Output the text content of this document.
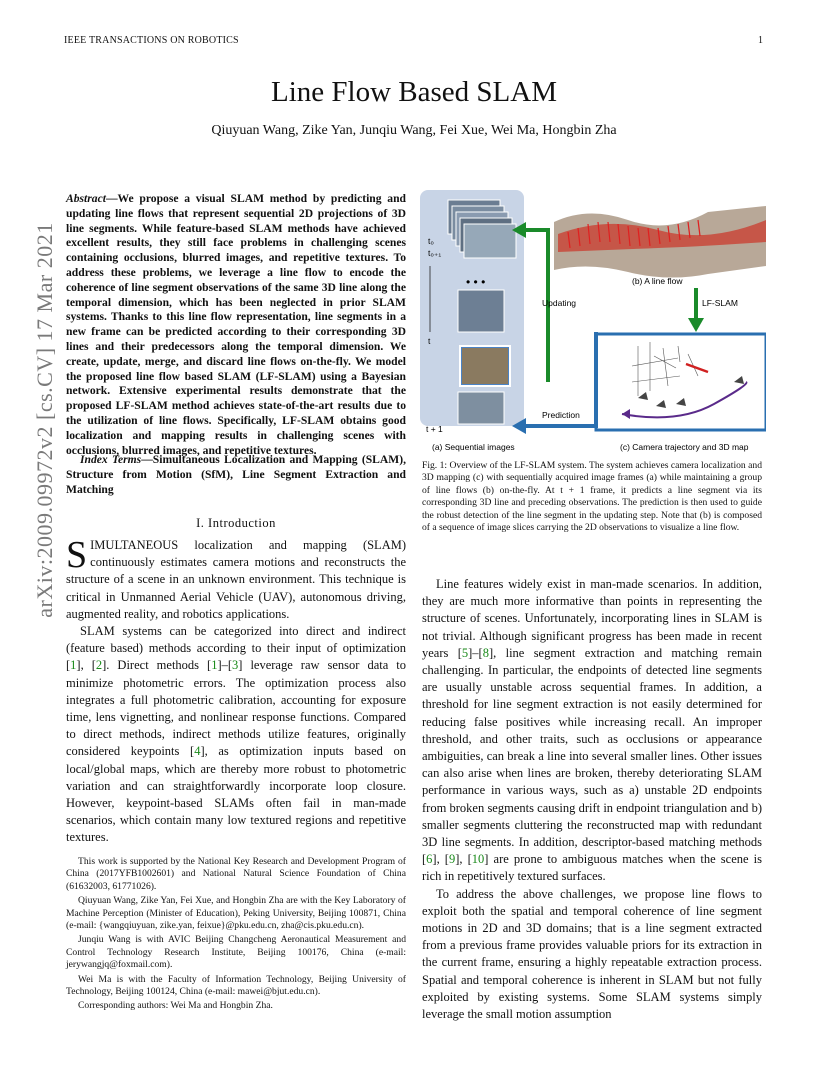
IEEE TRANSACTIONS ON ROBOTICS	1
Line Flow Based SLAM
Qiuyuan Wang, Zike Yan, Junqiu Wang, Fei Xue, Wei Ma, Hongbin Zha
arXiv:2009.09972v2 [cs.CV] 17 Mar 2021
Abstract—We propose a visual SLAM method by predicting and updating line flows that represent sequential 2D projections of 3D line segments. While feature-based SLAM methods have achieved excellent results, they still face problems in challenging scenes containing occlusions, blurred images, and repetitive textures. To address these problems, we leverage a line flow to encode the coherence of line segment observations of the same 3D line along the temporal dimension, which has been neglected in prior SLAM systems. Thanks to this line flow representation, line segments in a new frame can be predicted according to their corresponding 3D lines and their predecessors along the temporal dimension. We create, update, merge, and discard line flows on-the-fly. We model the proposed line flow based SLAM (LF-SLAM) using a Bayesian network. Extensive experimental results demonstrate that the proposed LF-SLAM method achieves state-of-the-art results due to the utilization of line flows. Specifically, LF-SLAM obtains good localization and mapping results in challenging scenes with occlusions, blurred images, and repetitive textures.
Index Terms—Simultaneous Localization and Mapping (SLAM), Structure from Motion (SfM), Line Segment Extraction and Matching
I. Introduction

SIMULTANEOUS localization and mapping (SLAM) continuously estimates camera motions and reconstructs the structure of a scene in an unknown environment. This technique is critical in Unmanned Aerial Vehicle (UAV), autonomous driving, augmented reality, and robotics applications.

SLAM systems can be categorized into direct and indirect (feature based) methods according to their input of optimization [1], [2]. Direct methods [1]–[3] leverage raw sensor data to minimize photometric errors. The optimization process also integrates a full photometric calibration, accounting for exposure time, lens vignetting, and nonlinear response functions. Compared to direct methods, indirect methods utilize features, originally considered keypoints [4], as optimization inputs based on local/global maps, which are thereby more robust to photometric variation and can straightforwardly incorporate loop closure. However, keypoint-based SLAMs often fail in man-made scenarios, which contain many low textured regions and repetitive textures.

This work is supported by the National Key Research and Development Program of China (2017YFB1002601) and National Natural Science Foundation of China (61632003, 61771026).

Qiuyuan Wang, Zike Yan, Fei Xue, and Hongbin Zha are with the Key Laboratory of Machine Perception (Minister of Education), Peking University, Beijing 100871, China (e-mail: {wangqiuyuan, zike.yan, feixue}@pku.edu.cn, zha@cis.pku.edu.cn).

Junqiu Wang is with AVIC Beijing Changcheng Aeronautical Measurement and Control Technology Research Institute, Beijing 100176, China (e-mail: jerywangjq@foxmail.com).

Wei Ma is with the Faculty of Information Technology, Beijing University of Technology, Beijing 100124, China (e-mail: mawei@bjut.edu.cn).

Corresponding authors: Wei Ma and Hongbin Zha.

t₀
t₀₊₁
• • •
t
t + 1
(b) A line flow
Updating
Prediction
LF-SLAM
(a) Sequential images	(c) Camera trajectory and 3D map
Fig. 1: Overview of the LF-SLAM system. The system achieves camera localization and 3D mapping (c) with sequentially acquired image frames (a) while maintaining a group of line flows (b) on-the-fly. At t + 1 frame, it predicts a line segment via its corresponding 3D line and preceding observations. The prediction is then used to guide the robust detection of the line segment in the updating step. Note that (b) is composed of a sequence of image slices carrying the 2D observations to visualize a line flow.

Line features widely exist in man-made scenarios. In addition, they are much more informative than points in representing the structure of scenes. Unfortunately, incorporating lines in SLAM is not trivial. Although significant progress has been made in recent years [5]–[8], line segment extraction and matching remain challenging. In particular, the endpoints of detected line segments are usually unstable across sequential frames. In addition, a threshold for line segment extraction is not easily determined for reducing false positives while increasing recall. An improper threshold, and other traits, such as occlusions or appearance ambiguities, can break a line into several smaller lines. Other issues can also arise when lines are broken, thereby deteriorating SLAM performance in various ways, such as a) unstable 2D endpoints from broken segments causing drift in endpoint triangulation and b) smaller segments cluttering the reconstructed map with redundant 3D line segments. In addition, descriptor-based matching methods [6], [9], [10] are prone to ambiguous matches when the scene is rich in repetitively textured surfaces.

To address the above challenges, we propose line flows to exploit both the spatial and temporal coherence of line segment motions in 2D and 3D domains; that is a line segment extracted from a previous frame provides valuable priors for its extraction in the current frame, ensuring a highly repeatable extraction process. Spatial and temporal coherence is inherent in SLAM but not fully exploited by existing systems. Some SLAM systems simply leverage the small motion assumption
